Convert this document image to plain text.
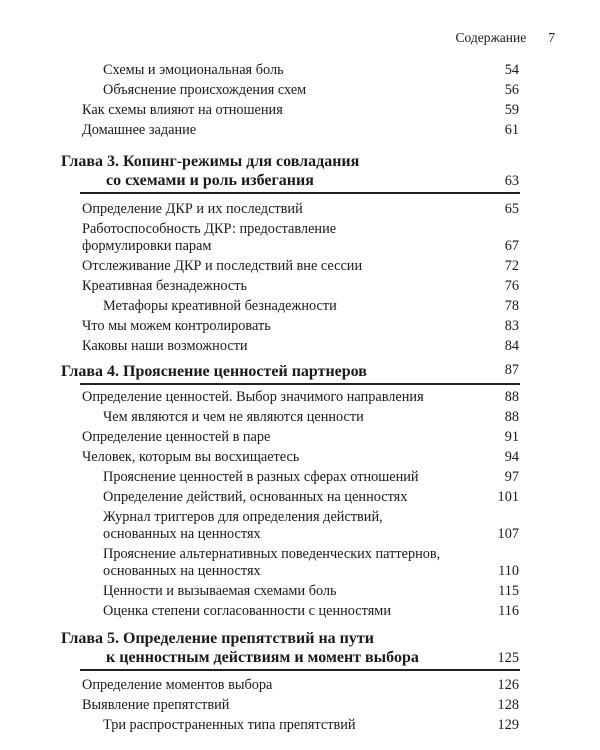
Содержание 7
Схемы и эмоциональная боль	54
Объяснение происхождения схем	56
Как схемы влияют на отношения	59
Домашнее задание	61
Глава 3. Копинг-режимы для совладания
со схемами и роль избегания	63
Определение ДКР и их последствий	65
Работоспособность ДКР: предоставление
формулировки парам	67
Отслеживание ДКР и последствий вне сессии	72
Креативная безнадежность	76
Метафоры креативной безнадежности	78
Что мы можем контролировать	83
Каковы наши возможности	84
Глава 4. Прояснение ценностей партнеров	87
Определение ценностей. Выбор значимого направления	88
Чем являются и чем не являются ценности	88
Определение ценностей в паре	91
Человек, которым вы восхищаетесь	94
Прояснение ценностей в разных сферах отношений	97
Определение действий, основанных на ценностях	101
Журнал триггеров для определения действий,
основанных на ценностях	107
Прояснение альтернативных поведенческих паттернов,
основанных на ценностях	110
Ценности и вызываемая схемами боль	115
Оценка степени согласованности с ценностями	116
Глава 5. Определение препятствий на пути
к ценностным действиям и момент выбора	125
Определение моментов выбора	126
Выявление препятствий	128
Три распространенных типа препятствий	129
